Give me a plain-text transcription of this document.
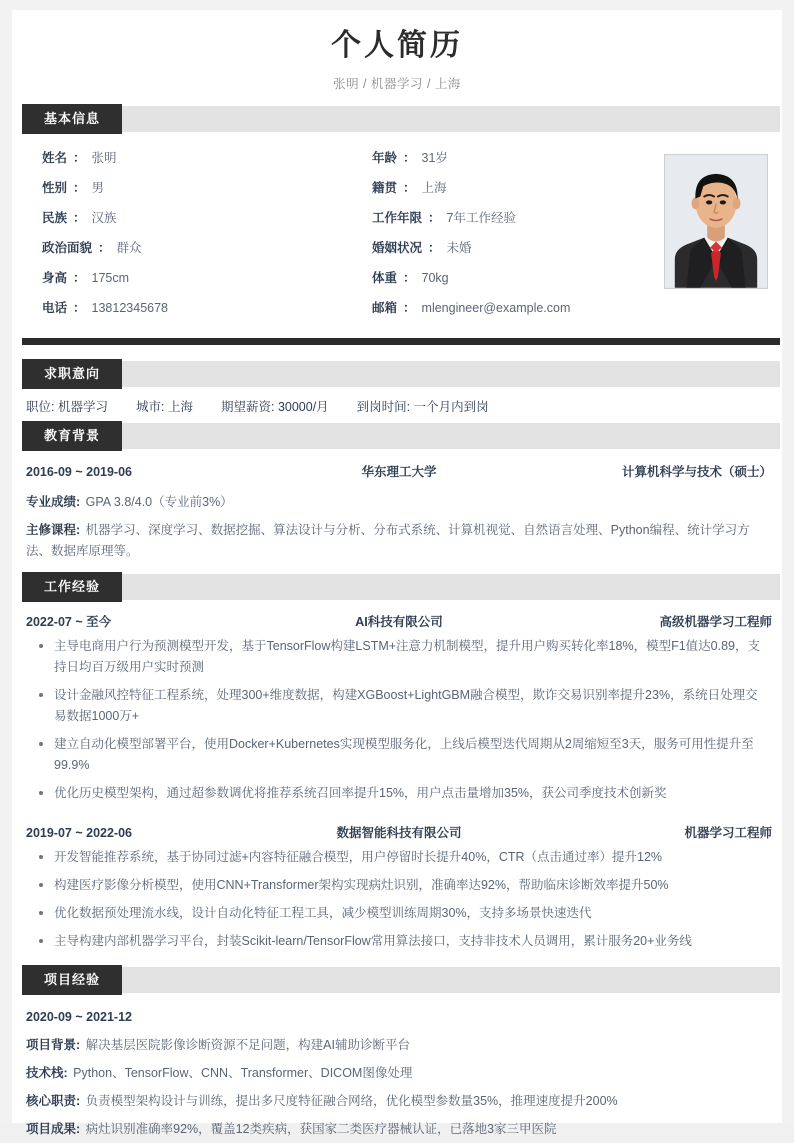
个人简历
张明 / 机器学习 / 上海
基本信息
姓名 ： 张明	年龄 ： 31岁
性别 ： 男	籍贯 ： 上海
民族 ： 汉族	工作年限 ： 7年工作经验
政治面貌 ： 群众	婚姻状况 ： 未婚
身高 ： 175cm	体重 ： 70kg
电话 ： 13812345678	邮箱 ： mlengineer@example.com
求职意向
职位: 机器学习 城市: 上海 期望薪资: 30000/月 到岗时间: 一个月内到岗
教育背景
2016-09 ~ 2019-06	华东理工大学	计算机科学与技术（硕士）
专业成绩: GPA 3.8/4.0（专业前3%）
主修课程: 机器学习、深度学习、数据挖掘、算法设计与分析、分布式系统、计算机视觉、自然语言处理、Python编程、统计学习方法、数据库原理等。
工作经验
2022-07 ~ 至今	AI科技有限公司	高级机器学习工程师
主导电商用户行为预测模型开发，基于TensorFlow构建LSTM+注意力机制模型，提升用户购买转化率18%，模型F1值达0.89，支持日均百万级用户实时预测
设计金融风控特征工程系统，处理300+维度数据，构建XGBoost+LightGBM融合模型，欺诈交易识别率提升23%，系统日处理交易数据1000万+
建立自动化模型部署平台，使用Docker+Kubernetes实现模型服务化，上线后模型迭代周期从2周缩短至3天，服务可用性提升至99.9%
优化历史模型架构，通过超参数调优将推荐系统召回率提升15%，用户点击量增加35%，获公司季度技术创新奖
2019-07 ~ 2022-06	数据智能科技有限公司	机器学习工程师
开发智能推荐系统，基于协同过滤+内容特征融合模型，用户停留时长提升40%，CTR（点击通过率）提升12%
构建医疗影像分析模型，使用CNN+Transformer架构实现病灶识别，准确率达92%，帮助临床诊断效率提升50%
优化数据预处理流水线，设计自动化特征工程工具，减少模型训练周期30%，支持多场景快速迭代
主导构建内部机器学习平台，封装Scikit-learn/TensorFlow常用算法接口，支持非技术人员调用，累计服务20+业务线
项目经验
2020-09 ~ 2021-12
项目背景: 解决基层医院影像诊断资源不足问题，构建AI辅助诊断平台
技术栈: Python、TensorFlow、CNN、Transformer、DICOM图像处理
核心职责: 负责模型架构设计与训练，提出多尺度特征融合网络，优化模型参数量35%，推理速度提升200%
项目成果: 病灶识别准确率92%，覆盖12类疾病，获国家二类医疗器械认证，已落地3家三甲医院
